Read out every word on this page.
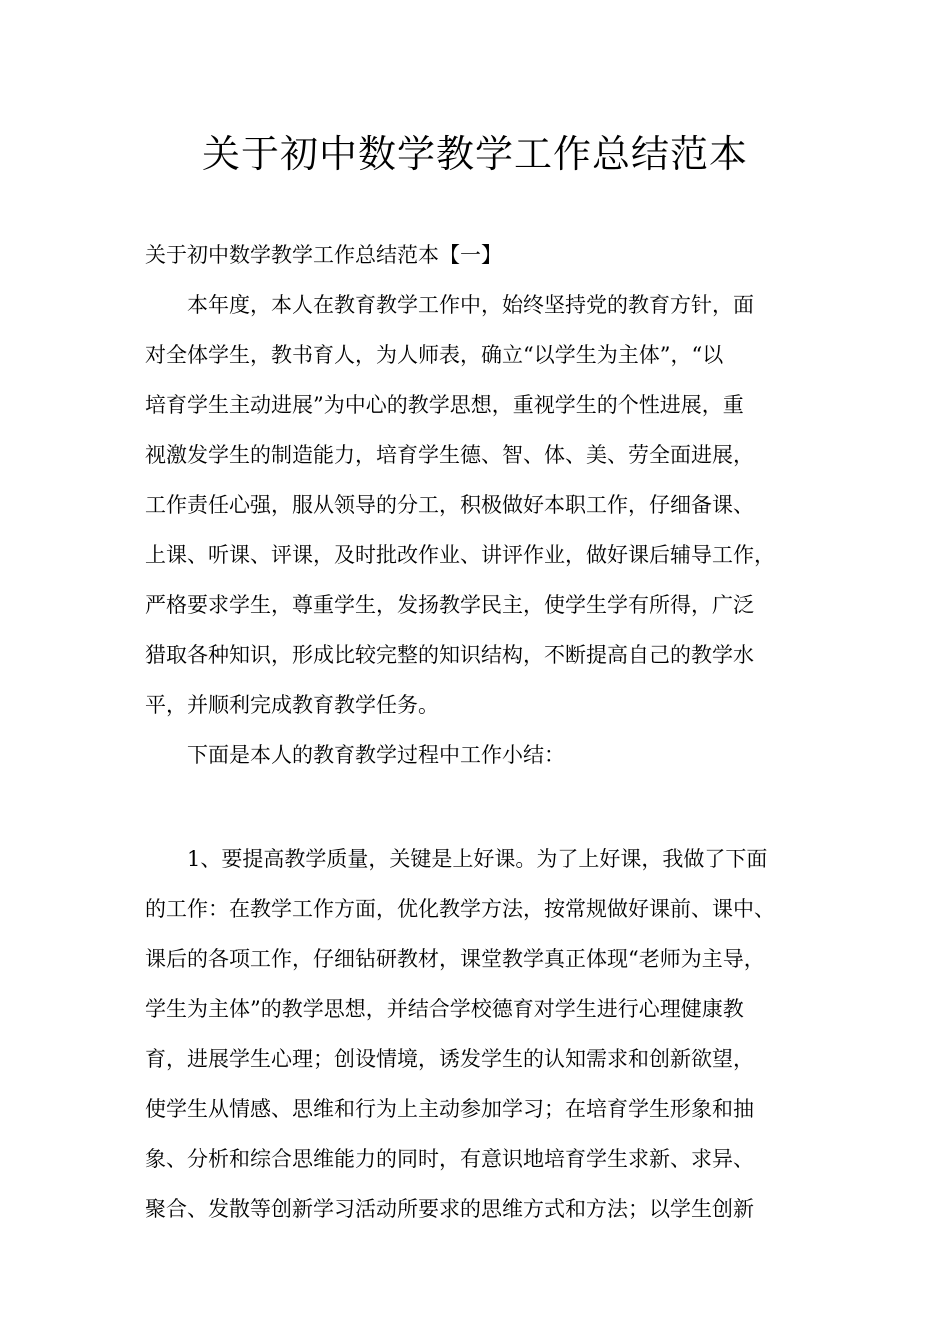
关于初中数学教学工作总结范本
关于初中数学教学工作总结范本【一】
本年度，本人在教育教学工作中，始终坚持党的教育方针，面
对全体学生，教书育人，为人师表，确立“以学生为主体”，“以
培育学生主动进展”为中心的教学思想，重视学生的个性进展，重
视激发学生的制造能力，培育学生德、智、体、美、劳全面进展，
工作责任心强，服从领导的分工，积极做好本职工作，仔细备课、
上课、听课、评课，及时批改作业、讲评作业，做好课后辅导工作，
严格要求学生，尊重学生，发扬教学民主，使学生学有所得，广泛
猎取各种知识，形成比较完整的知识结构，不断提高自己的教学水
平，并顺利完成教育教学任务。
下面是本人的教育教学过程中工作小结：
1、要提高教学质量，关键是上好课。为了上好课，我做了下面
的工作：在教学工作方面，优化教学方法，按常规做好课前、课中、
课后的各项工作，仔细钻研教材，课堂教学真正体现“老师为主导，
学生为主体”的教学思想，并结合学校德育对学生进行心理健康教
育，进展学生心理；创设情境，诱发学生的认知需求和创新欲望，
使学生从情感、思维和行为上主动参加学习；在培育学生形象和抽
象、分析和综合思维能力的同时，有意识地培育学生求新、求异、
聚合、发散等创新学习活动所要求的思维方式和方法；以学生创新
